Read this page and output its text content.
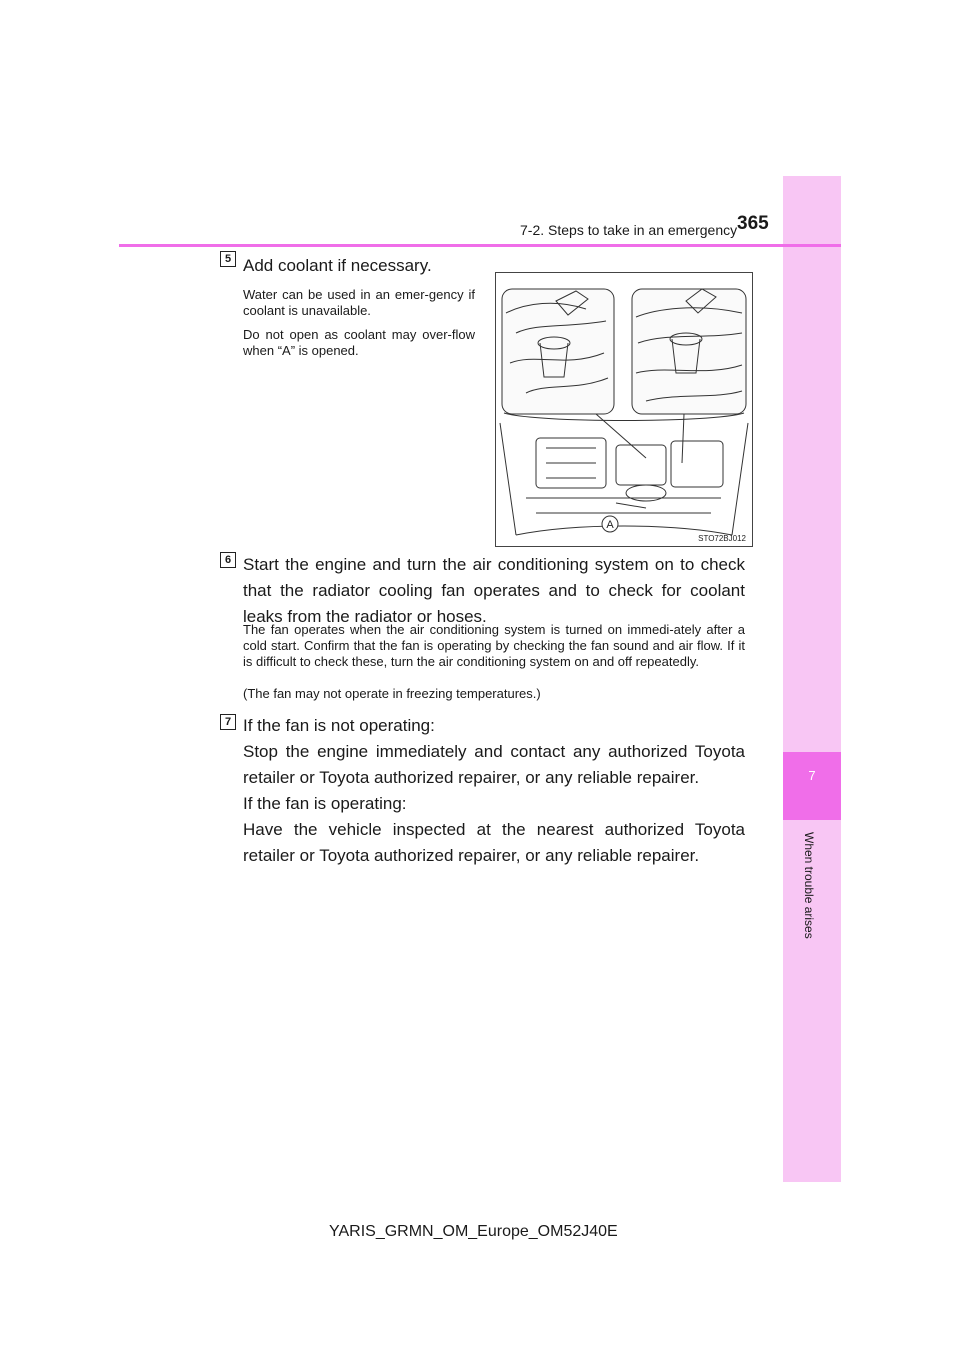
7
When trouble arises
7-2. Steps to take in an emergency 365
5 Add coolant if necessary.
Water can be used in an emer-gency if coolant is unavailable.
Do not open as coolant may over-flow when “A” is opened.
A
STO72BJ012
6 Start the engine and turn the air conditioning system on to check that the radiator cooling fan operates and to check for coolant leaks from the radiator or hoses.
The fan operates when the air conditioning system is turned on immedi-ately after a cold start. Confirm that the fan is operating by checking the fan sound and air flow. If it is difficult to check these, turn the air conditioning system on and off repeatedly.
(The fan may not operate in freezing temperatures.)
7 If the fan is not operating:
Stop the engine immediately and contact any authorized Toyota retailer or Toyota authorized repairer, or any reliable repairer.
If the fan is operating:
Have the vehicle inspected at the nearest authorized Toyota retailer or Toyota authorized repairer, or any reliable repairer.
YARIS_GRMN_OM_Europe_OM52J40E
